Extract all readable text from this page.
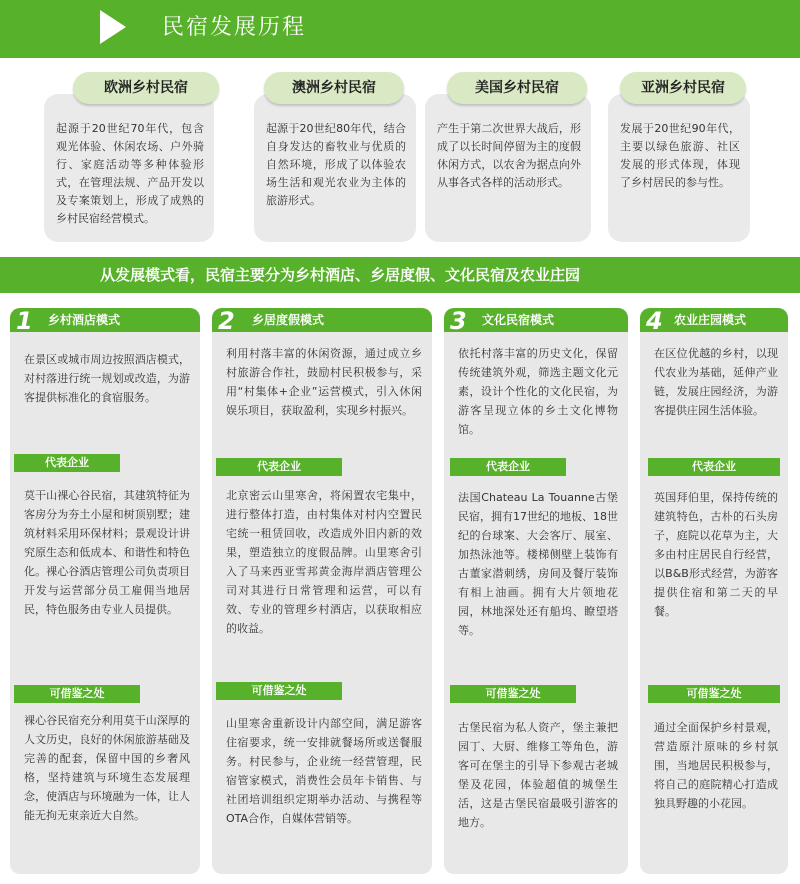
民宿发展历程
欧洲乡村民宿
起源于20世纪70年代，包含观光体验、休闲农场、户外骑行、家庭活动等多种体验形式，在管理法规、产品开发以及专案策划上，形成了成熟的乡村民宿经营模式。
澳洲乡村民宿
起源于20世纪80年代，结合自身发达的畜牧业与优质的自然环境，形成了以体验农场生活和观光农业为主体的旅游形式。
美国乡村民宿
产生于第二次世界大战后，形成了以长时间停留为主的度假休闲方式，以农舍为据点向外从事各式各样的活动形式。
亚洲乡村民宿
发展于20世纪90年代，主要以绿色旅游、社区发展的形式体现，体现了乡村居民的参与性。
从发展模式看，民宿主要分为乡村酒店、乡居度假、文化民宿及农业庄园
1 乡村酒店模式
在景区或城市周边按照酒店模式，对村落进行统一规划或改造，为游客提供标准化的食宿服务。
代表企业
莫干山裸心谷民宿，其建筑特征为客房分为夯土小屋和树顶别墅；建筑材料采用环保材料；景观设计讲究原生态和低成本、和谐性和特色化。裸心谷酒店管理公司负责项目开发与运营部分员工雇佣当地居民，特色服务由专业人员提供。
可借鉴之处
裸心谷民宿充分利用莫干山深厚的人文历史，良好的休闲旅游基础及完善的配套，保留中国的乡奢风格，坚持建筑与环境生态发展理念，使酒店与环境融为一体，让人能无拘无束亲近大自然。
2 乡居度假模式
利用村落丰富的休闲资源，通过成立乡村旅游合作社，鼓励村民积极参与，采用“村集体+企业”运营模式，引入休闲娱乐项目，获取盈利，实现乡村振兴。
代表企业
北京密云山里寒舍，将闲置农宅集中，进行整体打造，由村集体对村内空置民宅统一租赁回收，改造成外旧内新的效果，塑造独立的度假品牌。山里寒舍引入了马来西亚雪邦黄金海岸酒店管理公司对其进行日常管理和运营，可以有效、专业的管理乡村酒店，以获取相应的收益。
可借鉴之处
山里寒舍重新设计内部空间，满足游客住宿要求，统一安排就餐场所或送餐服务。村民参与，企业统一经营管理，民宿管家模式，消费性会员年卡销售、与社团培训组织定期举办活动、与携程等OTA合作，自媒体营销等。
3 文化民宿模式
依托村落丰富的历史文化，保留传统建筑外观，筛选主题文化元素，设计个性化的文化民宿，为游客呈现立体的乡土文化博物馆。
代表企业
法国Chateau La Touanne古堡民宿，拥有17世纪的地板、18世纪的台球案、大会客厅、展室、加热泳池等。楼梯侧壁上装饰有古董家潜刺绣，房间及餐厅装饰有相上油画。拥有大片领地花园，林地深处还有船坞、瞭望塔等。
可借鉴之处
古堡民宿为私人资产，堡主兼把园丁、大厨、维修工等角色，游客可在堡主的引导下参观古老城堡及花园，体验超值的城堡生活，这是古堡民宿最吸引游客的地方。
4 农业庄园模式
在区位优越的乡村，以现代农业为基础，延伸产业链，发展庄园经济，为游客提供庄园生活体验。
代表企业
英国拜伯里，保持传统的建筑特色，古朴的石头房子，庭院以花草为主，大多由村庄居民自行经营，以B&B形式经营，为游客提供住宿和第二天的早餐。
可借鉴之处
通过全面保护乡村景观，营造原汁原味的乡村氛围，当地居民积极参与，将自己的庭院精心打造成独具野趣的小花园。
